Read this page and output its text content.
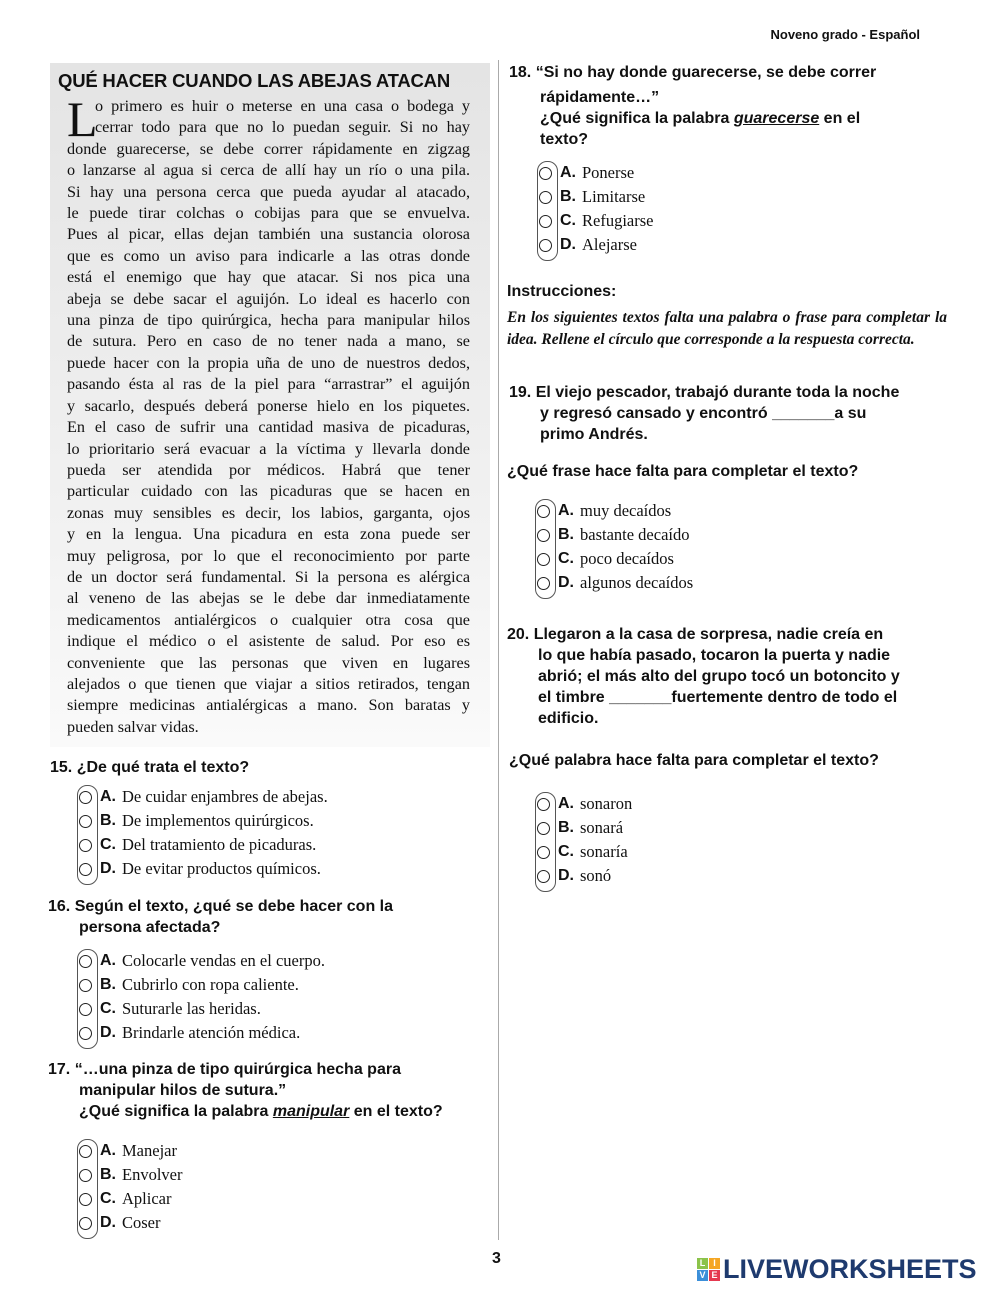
Noveno grado - Español
QUÉ HACER CUANDO LAS ABEJAS ATACAN
L
o primero es huir o meterse en una casa o bodega y
cerrar todo para que no lo puedan seguir. Si no hay
donde guarecerse, se debe correr rápidamente en zigzag
o lanzarse al agua si cerca de allí hay un río o una pila.
Si hay una persona cerca que pueda ayudar al atacado,
le puede tirar colchas o cobijas para que se envuelva.
Pues al picar, ellas dejan también una sustancia olorosa
que es como un aviso para indicarle a las otras donde
está el enemigo que hay que atacar. Si nos pica una
abeja se debe sacar el aguijón. Lo ideal es hacerlo con
una pinza de tipo quirúrgica, hecha para manipular hilos
de sutura. Pero en caso de no tener nada a mano, se
puede hacer con la propia uña de uno de nuestros dedos,
pasando ésta al ras de la piel para “arrastrar” el aguijón
y sacarlo, después deberá ponerse hielo en los piquetes.
En el caso de sufrir una cantidad masiva de picaduras,
lo prioritario será evacuar a la víctima y llevarla donde
pueda ser atendida por médicos. Habrá que tener
particular cuidado con las picaduras que se hacen en
zonas muy sensibles es decir, los labios, garganta, ojos
y en la lengua. Una picadura en esta zona puede ser
muy peligrosa, por lo que el reconocimiento por parte
de un doctor será fundamental. Si la persona es alérgica
al veneno de las abejas se le debe dar inmediatamente
medicamentos antialérgicos o cualquier otra cosa que
indique el médico o el asistente de salud. Por eso es
conveniente que las personas que viven en lugares
alejados o que tienen que viajar a sitios retirados, tengan
siempre medicinas antialérgicas a mano. Son baratas y
pueden salvar vidas.
15. ¿De qué trata el texto?
A. De cuidar enjambres de abejas.
B. De implementos quirúrgicos.
C. Del tratamiento de picaduras.
D. De evitar productos químicos.
16. Según el texto, ¿qué se debe hacer con la
persona afectada?
A. Colocarle vendas en el cuerpo.
B. Cubrirlo con ropa caliente.
C. Suturarle las heridas.
D. Brindarle atención médica.
17. “…una pinza de tipo quirúrgica hecha para
manipular hilos de sutura.”
¿Qué significa la palabra manipular en el texto?
A. Manejar
B. Envolver
C. Aplicar
D. Coser
18. “Si no hay donde guarecerse, se debe correr
rápidamente…”
¿Qué significa la palabra guarecerse en el
texto?
A. Ponerse
B. Limitarse
C. Refugiarse
D. Alejarse
Instrucciones:
En los siguientes textos falta una palabra o frase para completar la idea. Rellene el círculo que corresponde a la respuesta correcta.
19. El viejo pescador, trabajó durante toda la noche
y regresó cansado y encontró _______a su
primo Andrés.
¿Qué frase hace falta para completar el texto?
A. muy decaídos
B. bastante decaído
C. poco decaídos
D. algunos decaídos
20. Llegaron a la casa de sorpresa, nadie creía en
lo que había pasado, tocaron la puerta y nadie
abrió; el más alto del grupo tocó un botoncito y
el timbre _______fuertemente dentro de todo el
edificio.
¿Qué palabra hace falta para completar el texto?
A. sonaron
B. sonará
C. sonaría
D. sonó
3	L I
V E LIVEWORKSHEETS
